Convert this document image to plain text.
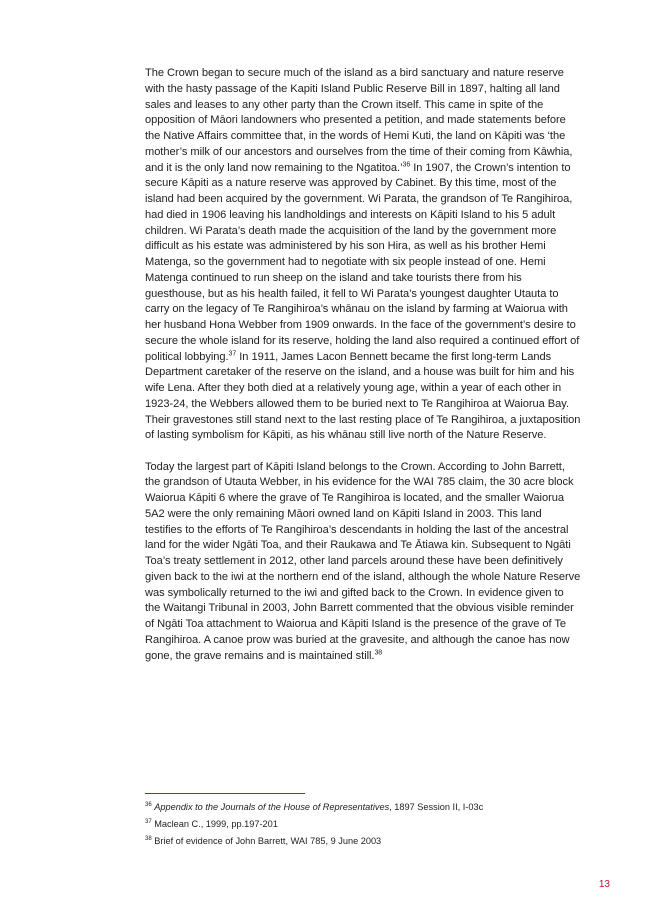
The Crown began to secure much of the island as a bird sanctuary and nature reserve with the hasty passage of the Kapiti Island Public Reserve Bill in 1897, halting all land sales and leases to any other party than the Crown itself. This came in spite of the opposition of Māori landowners who presented a petition, and made statements before the Native Affairs committee that, in the words of Hemi Kuti, the land on Kāpiti was ‘the mother’s milk of our ancestors and ourselves from the time of their coming from Kāwhia, and it is the only land now remaining to the Ngatitoa.’$^{36}$ In 1907, the Crown’s intention to secure Kāpiti as a nature reserve was approved by Cabinet. By this time, most of the island had been acquired by the government. Wi Parata, the grandson of Te Rangihiroa, had died in 1906 leaving his landholdings and interests on Kāpiti Island to his 5 adult children. Wi Parata’s death made the acquisition of the land by the government more difficult as his estate was administered by his son Hira, as well as his brother Hemi Matenga, so the government had to negotiate with six people instead of one. Hemi Matenga continued to run sheep on the island and take tourists there from his guesthouse, but as his health failed, it fell to Wi Parata’s youngest daughter Utauta to carry on the legacy of Te Rangihiroa’s whānau on the island by farming at Waiorua with her husband Hona Webber from 1909 onwards. In the face of the government’s desire to secure the whole island for its reserve, holding the land also required a continued effort of political lobbying.$^{37}$ In 1911, James Lacon Bennett became the first long-term Lands Department caretaker of the reserve on the island, and a house was built for him and his wife Lena. After they both died at a relatively young age, within a year of each other in 1923-24, the Webbers allowed them to be buried next to Te Rangihiroa at Waiorua Bay. Their gravestones still stand next to the last resting place of Te Rangihiroa, a juxtaposition of lasting symbolism for Kāpiti, as his whānau still live north of the Nature Reserve.

Today the largest part of Kāpiti Island belongs to the Crown. According to John Barrett, the grandson of Utauta Webber, in his evidence for the WAI 785 claim, the 30 acre block Waiorua Kāpiti 6 where the grave of Te Rangihiroa is located, and the smaller Waiorua 5A2 were the only remaining Māori owned land on Kāpiti Island in 2003. This land testifies to the efforts of Te Rangihiroa’s descendants in holding the last of the ancestral land for the wider Ngāti Toa, and their Raukawa and Te Ātiawa kin. Subsequent to Ngāti Toa’s treaty settlement in 2012, other land parcels around these have been definitively given back to the iwi at the northern end of the island, although the whole Nature Reserve was symbolically returned to the iwi and gifted back to the Crown. In evidence given to the Waitangi Tribunal in 2003, John Barrett commented that the obvious visible reminder of Ngāti Toa attachment to Waiorua and Kāpiti Island is the presence of the grave of Te Rangihiroa. A canoe prow was buried at the gravesite, and although the canoe has now gone, the grave remains and is maintained still.$^{38}$

$^{36}$ Appendix to the Journals of the House of Representatives, 1897 Session II, I-03c

$^{37}$ Maclean C., 1999, pp.197-201

$^{38}$ Brief of evidence of John Barrett, WAI 785, 9 June 2003

13
